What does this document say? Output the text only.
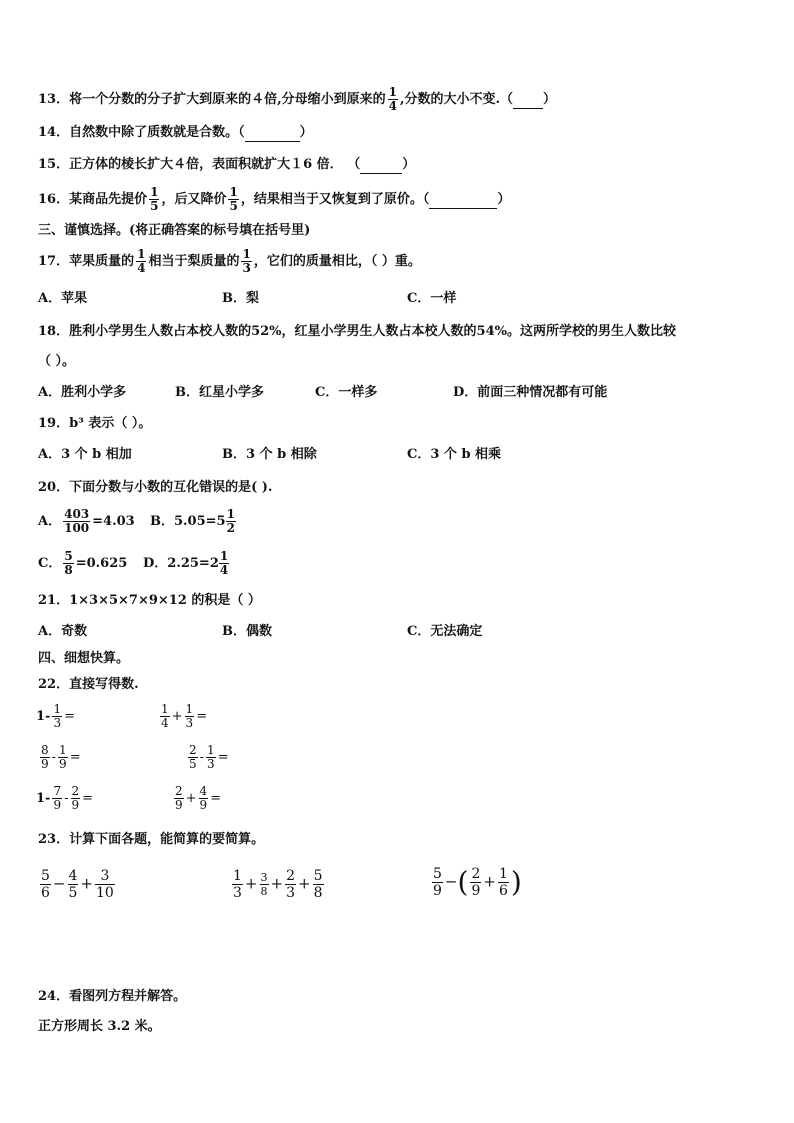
13．将一个分数的分子扩大到原来的４倍,分母缩小到原来的 $\frac{1}{4}$ ,分数的大小不变.（ ）
14．自然数中除了质数就是合数。（	）
15．正方体的棱长扩大４倍，表面积就扩大１6 倍． （	）
16．某商品先提价 $\frac{1}{5}$ ，后又降价 $\frac{1}{5}$ ，结果相当于又恢复到了原价。（	）
三、谨慎选择。(将正确答案的标号填在括号里)
17．苹果质量的 $\frac{1}{4}$ 相当于梨质量的 $\frac{1}{3}$ ，它们的质量相比，（ ）重。
A．苹果	B．梨	C．一样
18．胜利小学男生人数占本校人数的52%，红星小学男生人数占本校人数的54%。这两所学校的男生人数比较
（ ）。
A．胜利小学多	B．红星小学多	C．一样多	D．前面三种情况都有可能
19．b³ 表示（ ）。
A．3 个 b 相加	B．3 个 b 相除	C．3 个 b 相乘
20．下面分数与小数的互化错误的是( ).
A． $\frac{403}{100} =4.03$ B．$5.05=5 \frac{1}{2}$
C． $\frac{5}{8} =0.625$ D．$2.25=2 \frac{1}{4}$
21．1×3×5×7×9×12 的积是（ ）
A．奇数	B．偶数	C．无法确定
四、细想快算。
22．直接写得数.
$1- \frac{1}{3}$ =	$\frac{1}{4} + \frac{1}{3}$ =
$\frac{8}{9} - \frac{1}{9}$ =	$\frac{2}{5} - \frac{1}{3}$ =
$1- \frac{7}{9} - \frac{2}{9}$ =	$\frac{2}{9} + \frac{4}{9}$ =
23．计算下面各题，能简算的要简算。
$\frac{5}{6} - \frac{4}{5} + \frac{3}{10}$	$\frac{1}{3} + \frac{3}{8} + \frac{2}{3} + \frac{5}{8}$	$\frac{5}{9}$ −( $\frac{2}{9} + \frac{1}{6}$ )
24．看图列方程并解答。
正方形周长 3.2 米。
